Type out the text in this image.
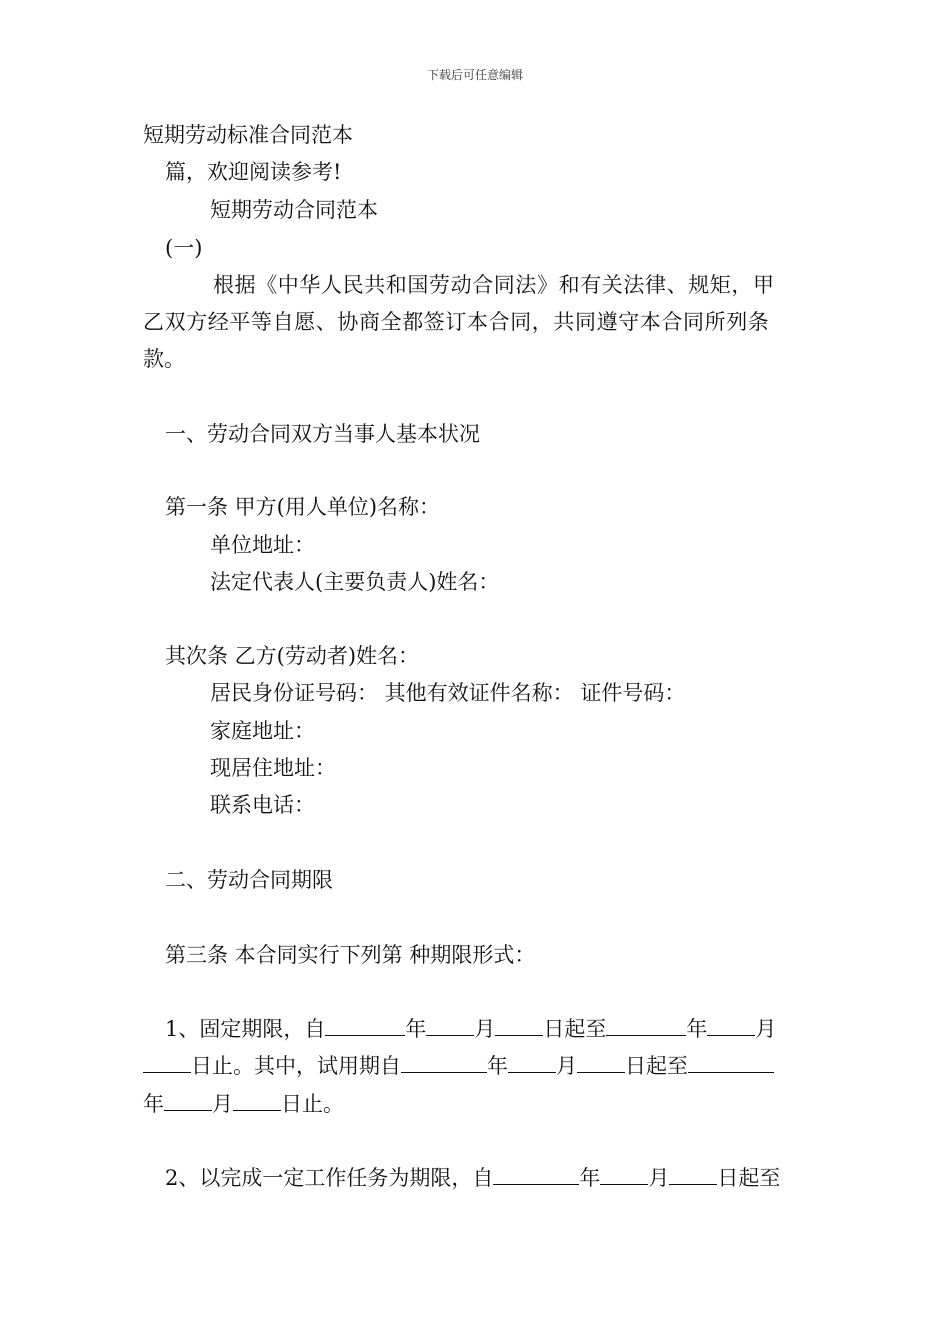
下载后可任意编辑
短期劳动标准合同范本
篇，欢迎阅读参考!
短期劳动合同范本
(一)
根据《中华人民共和国劳动合同法》和有关法律、规矩，甲
乙双方经平等自愿、协商全都签订本合同，共同遵守本合同所列条
款。
一、劳动合同双方当事人基本状况
第一条 甲方(用人单位)名称：
单位地址：
法定代表人(主要负责人)姓名：
其次条 乙方(劳动者)姓名：
居民身份证号码： 其他有效证件名称： 证件号码：
家庭地址：
现居住地址：
联系电话：
二、劳动合同期限
第三条 本合同实行下列第 种期限形式：
1、固定期限，自	年 月 日起至	年 月
日止。其中，试用期自	年 月 日起至
年 月 日止。
2、以完成一定工作任务为期限，自	年 月 日起至
